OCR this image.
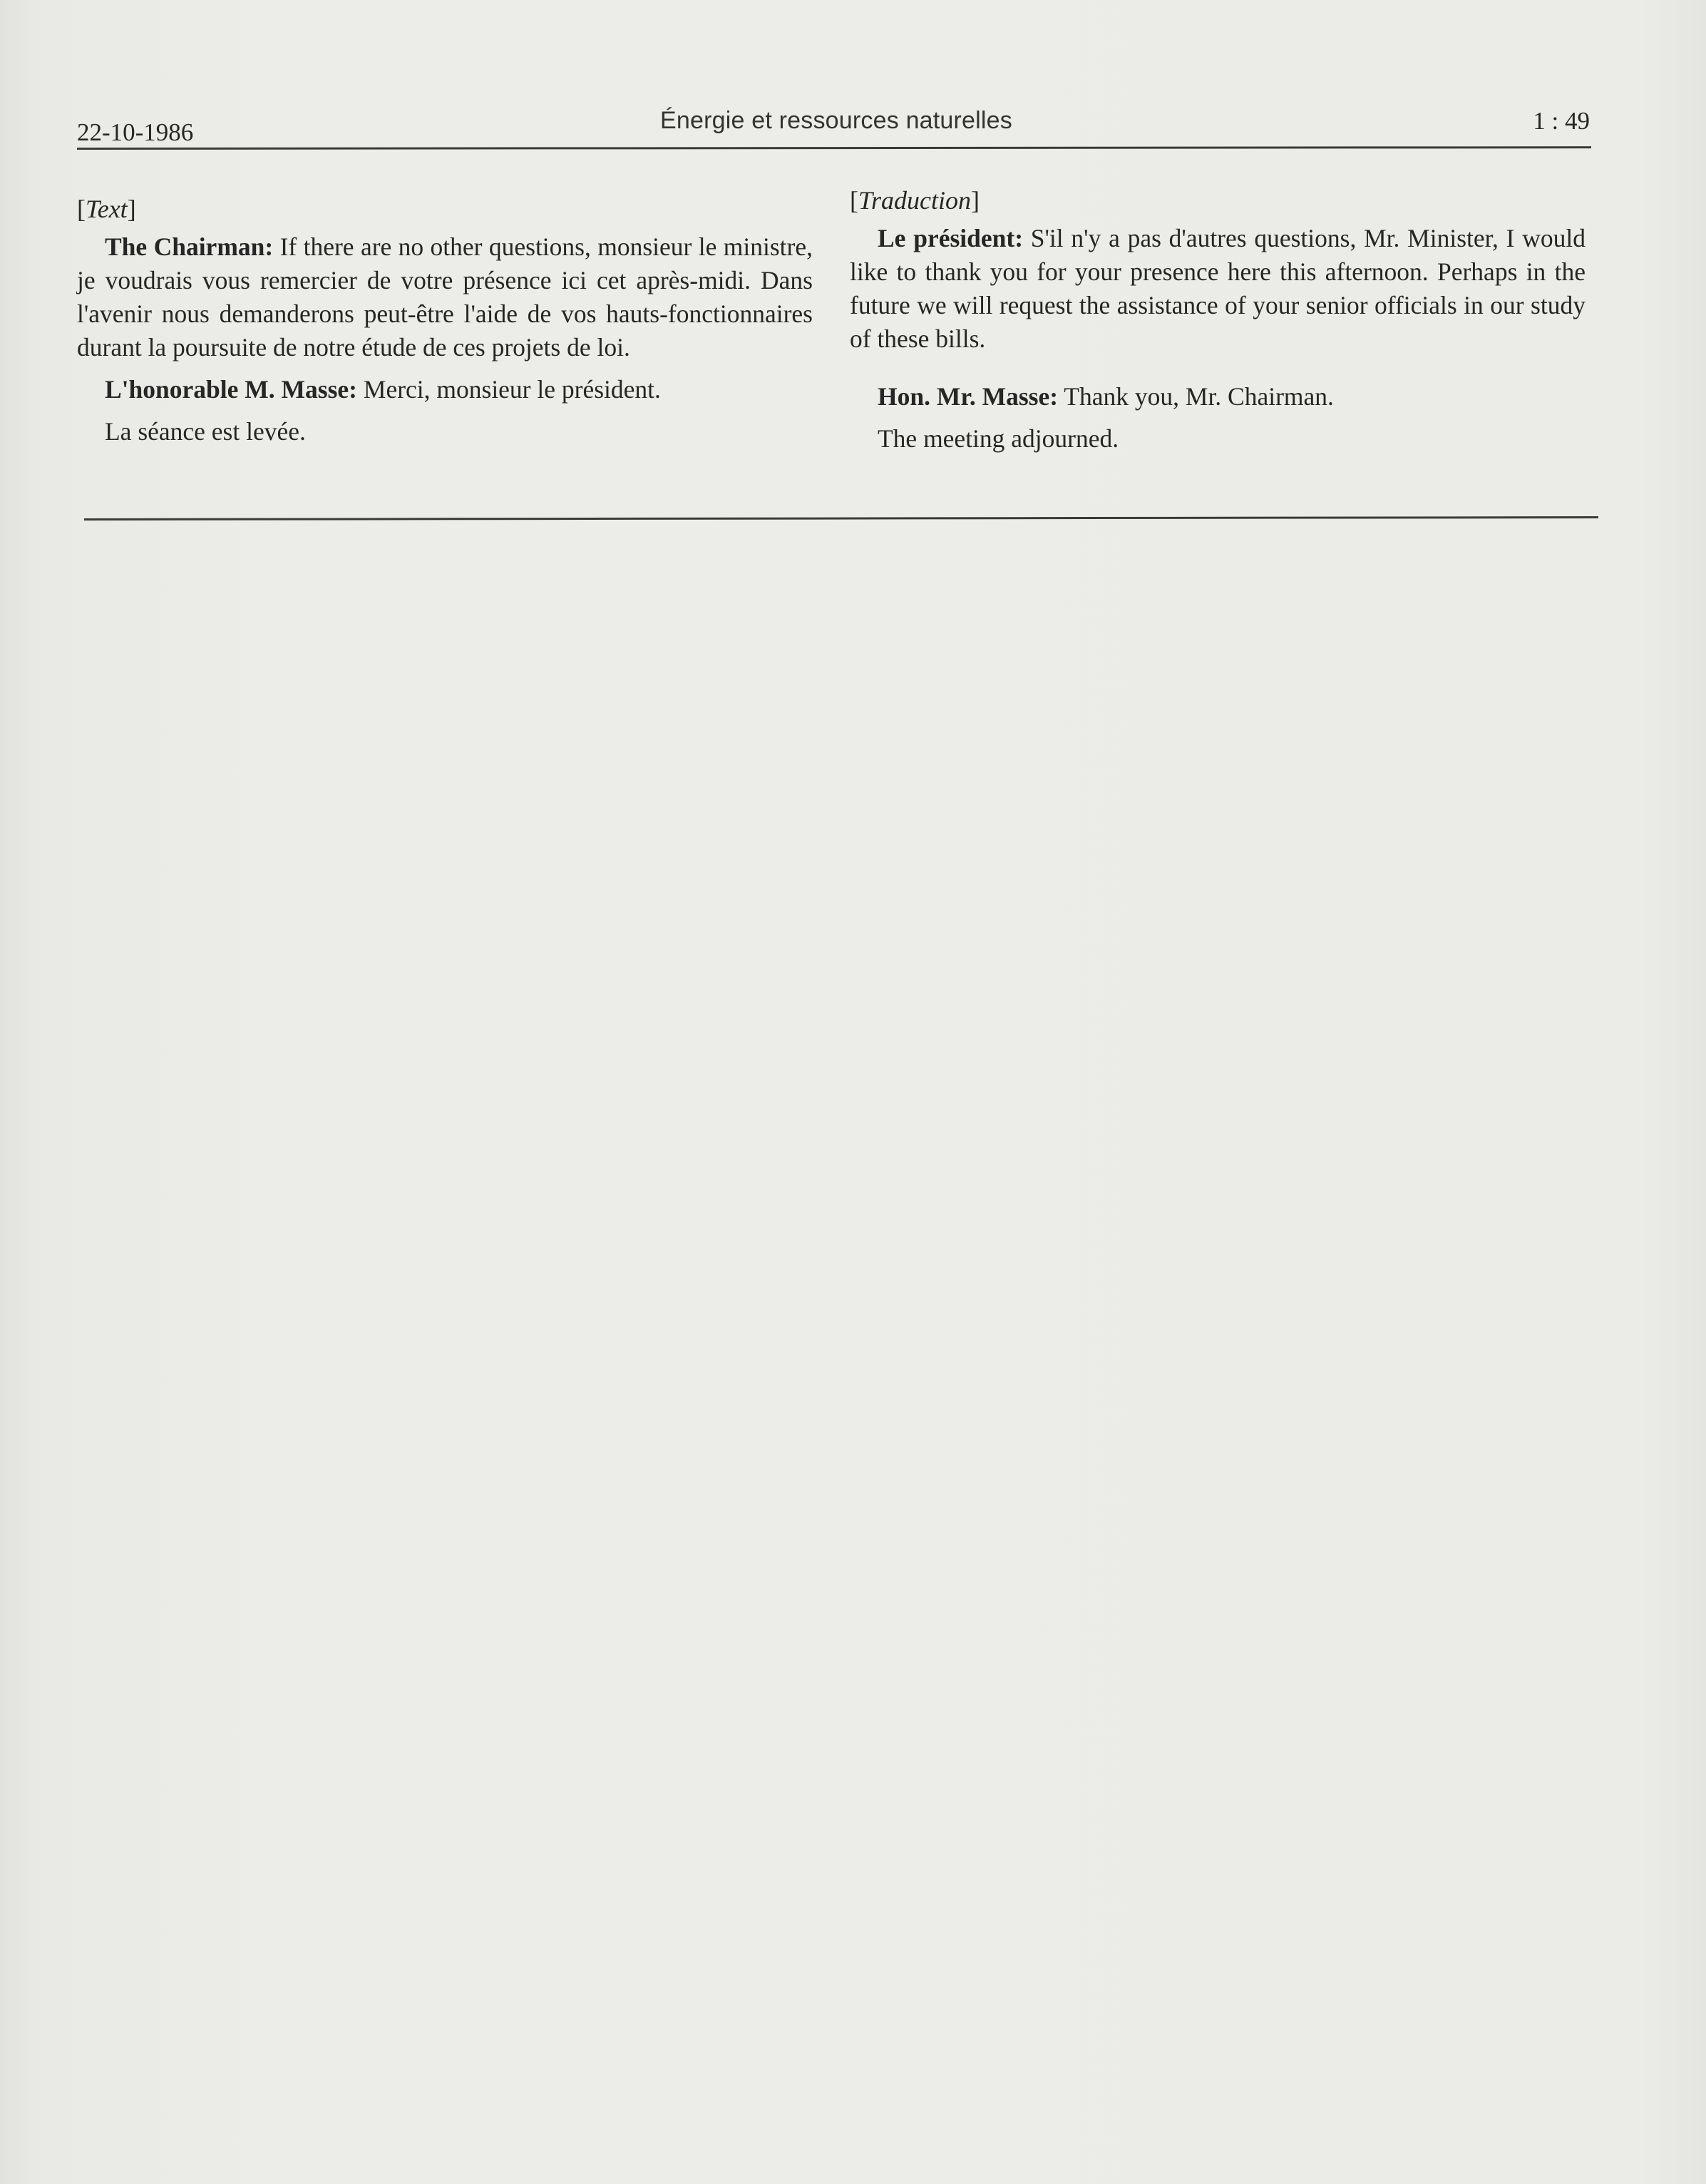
22-10-1986	Énergie et ressources naturelles	1 : 49

[Text]

The Chairman: If there are no other questions, monsieur le ministre, je voudrais vous remercier de votre présence ici cet après-midi. Dans l'avenir nous demanderons peut-être l'aide de vos hauts-fonctionnaires durant la poursuite de notre étude de ces projets de loi.

L'honorable M. Masse: Merci, monsieur le président.

La séance est levée.

[Traduction]

Le président: S'il n'y a pas d'autres questions, Mr. Minister, I would like to thank you for your presence here this afternoon. Perhaps in the future we will request the assistance of your senior officials in our study of these bills.

Hon. Mr. Masse: Thank you, Mr. Chairman.

The meeting adjourned.
